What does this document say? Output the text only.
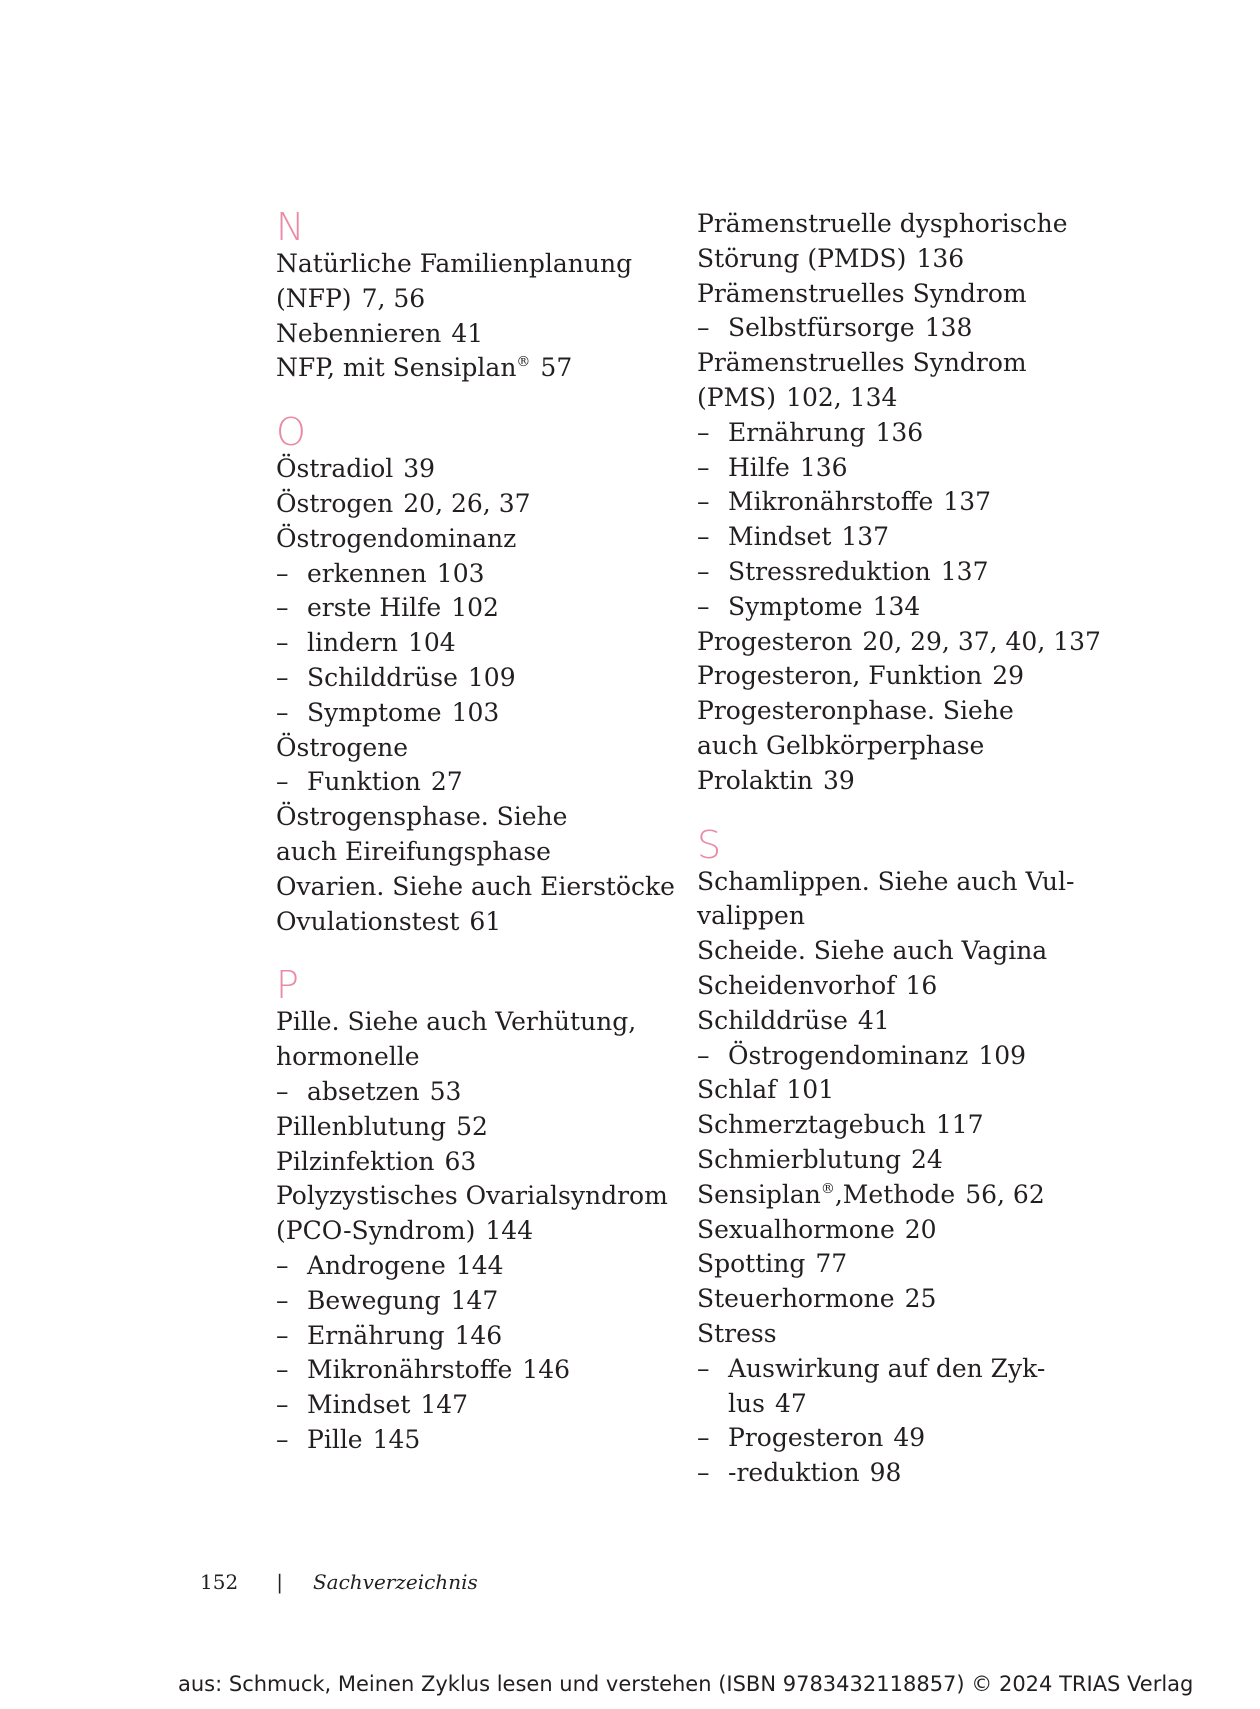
N
Natürliche Familienplanung
(NFP) 7, 56
Nebennieren 41
NFP, mit Sensiplan® 57
O
Östradiol 39
Östrogen 20, 26, 37
Östrogendominanz
– erkennen 103
– erste Hilfe 102
– lindern 104
– Schilddrüse 109
– Symptome 103
Östrogene
– Funktion 27
Östrogensphase. Siehe
auch Eireifungsphase
Ovarien. Siehe auch Eierstöcke
Ovulationstest 61
P
Pille. Siehe auch Verhütung,
hormonelle
– absetzen 53
Pillenblutung 52
Pilzinfektion 63
Polyzystisches Ovarialsyndrom
(PCO-Syndrom) 144
– Androgene 144
– Bewegung 147
– Ernährung 146
– Mikronährstoffe 146
– Mindset 147
– Pille 145
Prämenstruelle dysphorische
Störung (PMDS) 136
Prämenstruelles Syndrom
– Selbstfürsorge 138
Prämenstruelles Syndrom
(PMS) 102, 134
– Ernährung 136
– Hilfe 136
– Mikronährstoffe 137
– Mindset 137
– Stressreduktion 137
– Symptome 134
Progesteron 20, 29, 37, 40, 137
Progesteron, Funktion 29
Progesteronphase. Siehe
auch Gelbkörperphase
Prolaktin 39
S
Schamlippen. Siehe auch Vul-
valippen
Scheide. Siehe auch Vagina
Scheidenvorhof 16
Schilddrüse 41
– Östrogendominanz 109
Schlaf 101
Schmerztagebuch 117
Schmierblutung 24
Sensiplan®,Methode 56, 62
Sexualhormone 20
Spotting 77
Steuerhormone 25
Stress
– Auswirkung auf den Zyk-
lus 47
– Progesteron 49
– -reduktion 98
152 | Sachverzeichnis
aus: Schmuck, Meinen Zyklus lesen und verstehen (ISBN 9783432118857) © 2024 TRIAS Verlag
